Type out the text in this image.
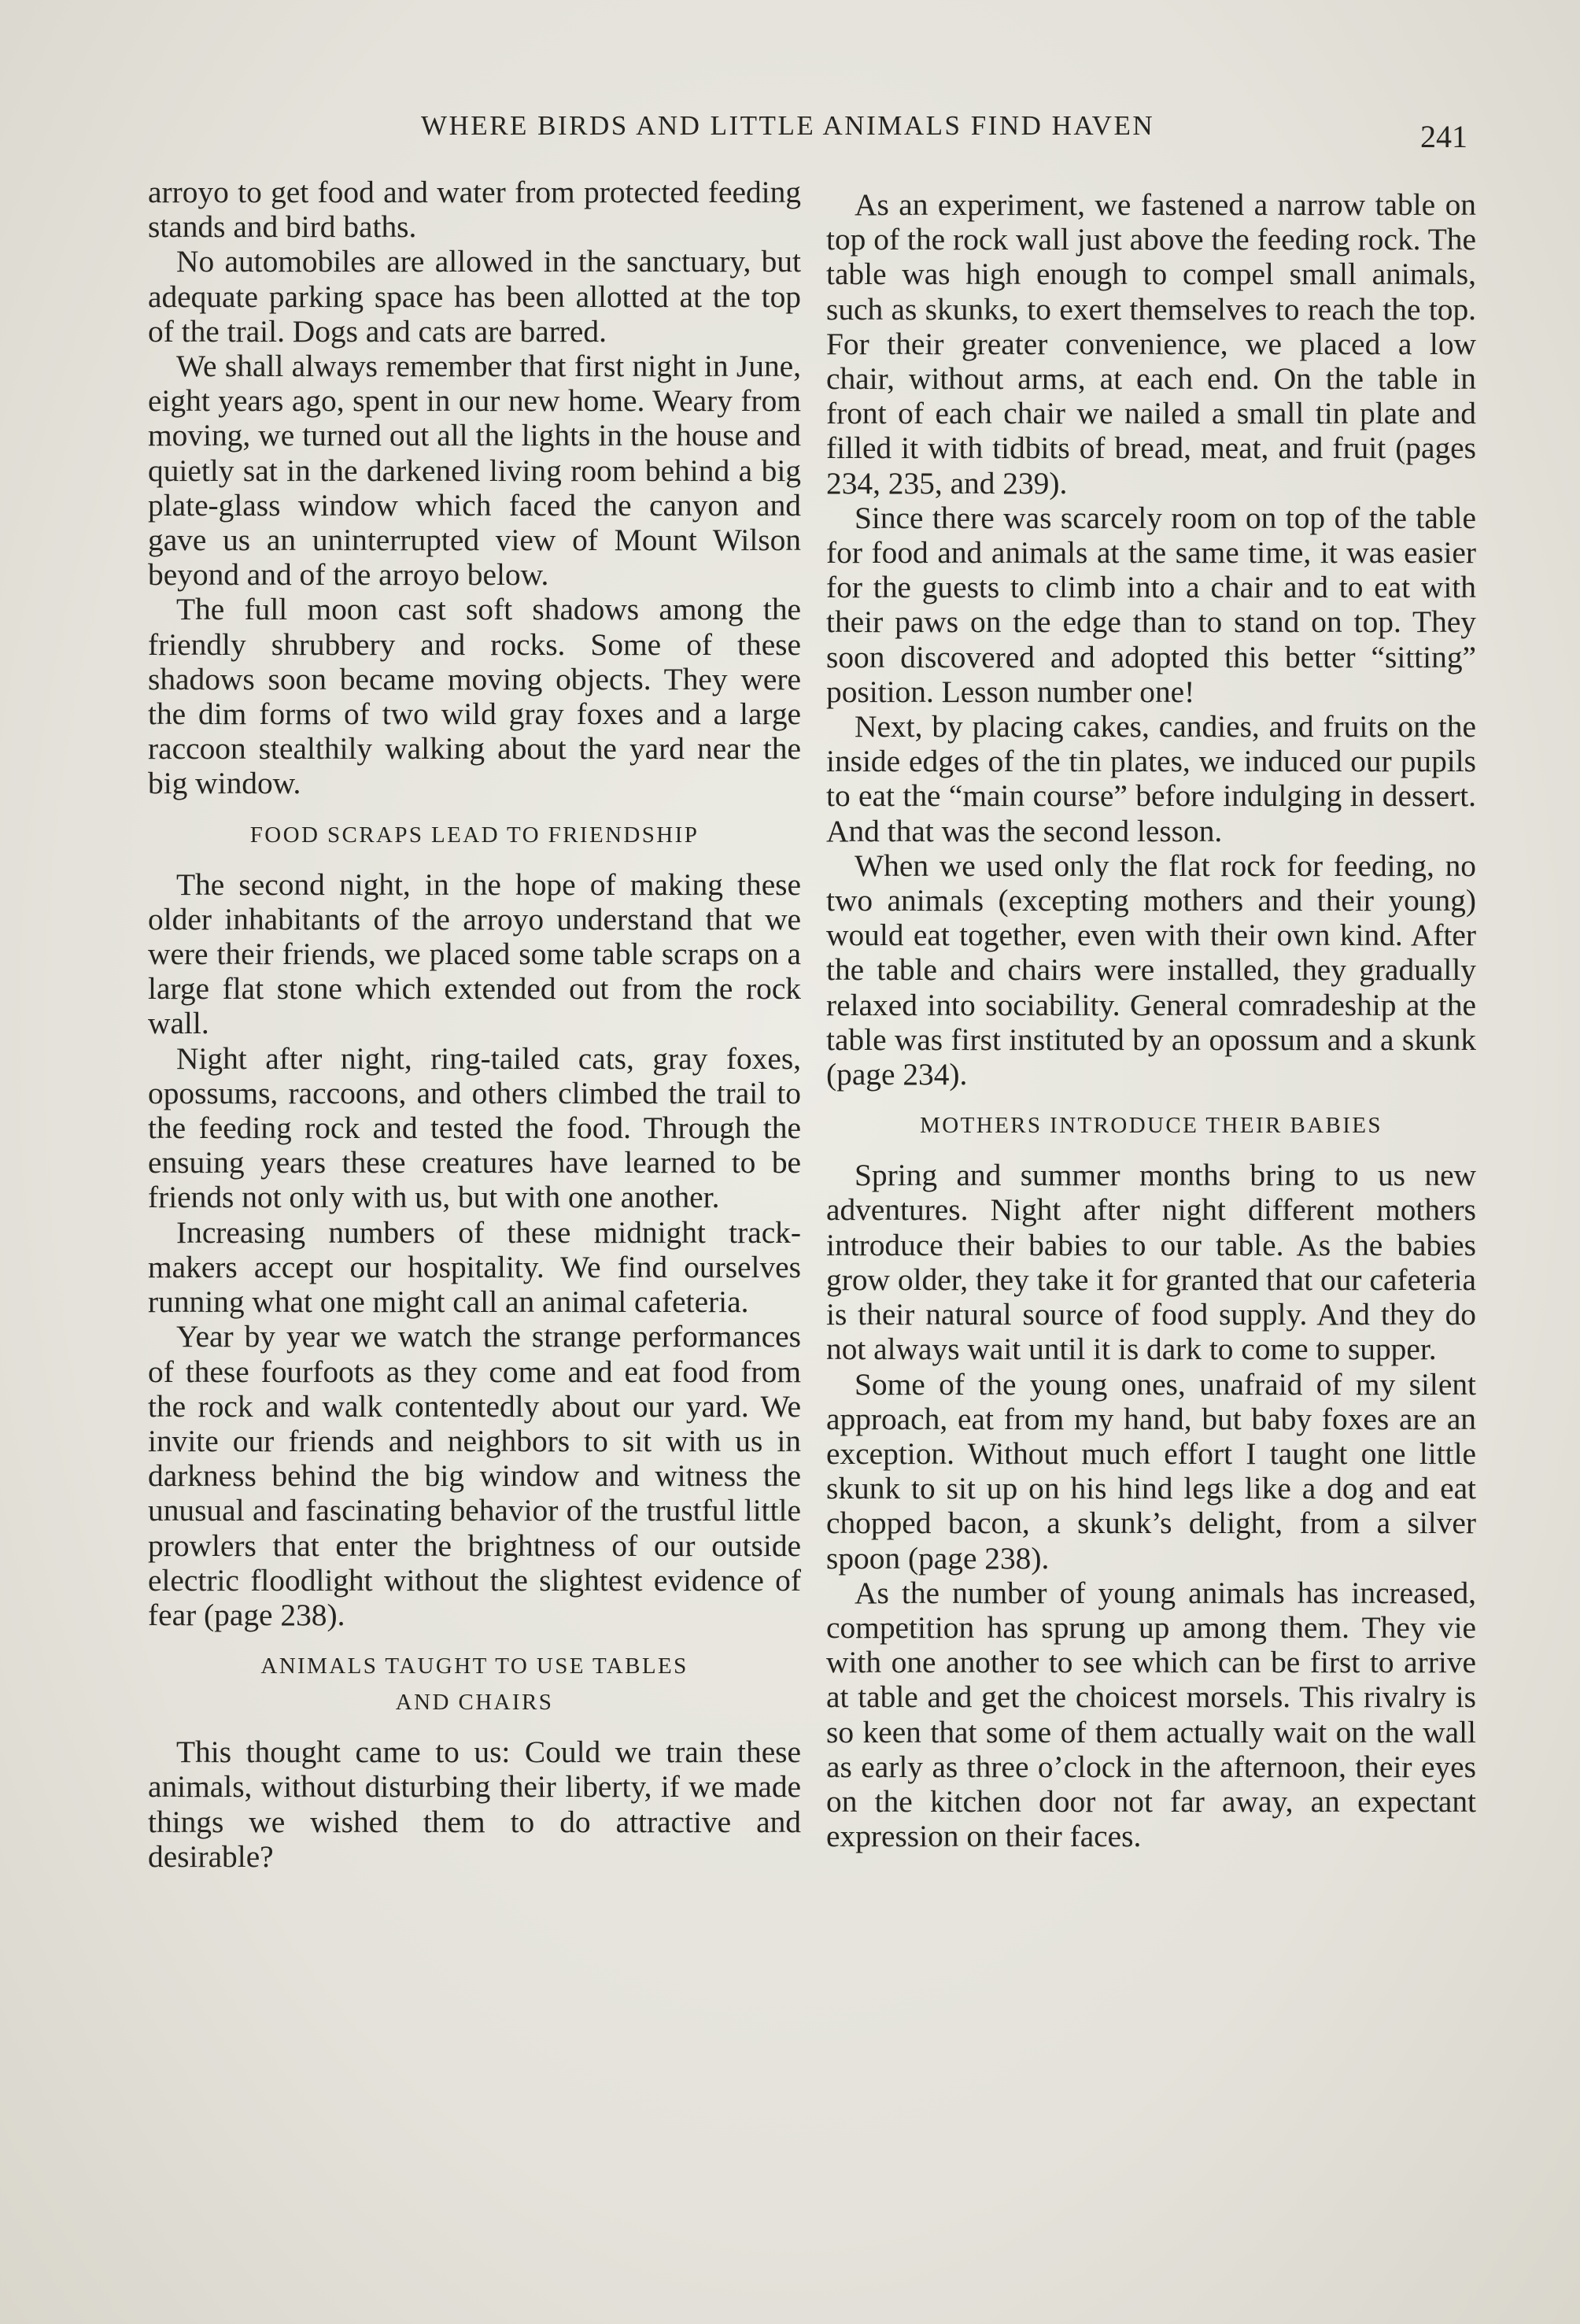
WHERE BIRDS AND LITTLE ANIMALS FIND HAVEN	241

arroyo to get food and water from protected feeding stands and bird baths.

No automobiles are allowed in the sanctuary, but adequate parking space has been allotted at the top of the trail. Dogs and cats are barred.

We shall always remember that first night in June, eight years ago, spent in our new home. Weary from moving, we turned out all the lights in the house and quietly sat in the darkened living room behind a big plate-glass window which faced the canyon and gave us an uninterrupted view of Mount Wilson beyond and of the arroyo below.

The full moon cast soft shadows among the friendly shrubbery and rocks. Some of these shadows soon became moving objects. They were the dim forms of two wild gray foxes and a large raccoon stealthily walking about the yard near the big window.

FOOD SCRAPS LEAD TO FRIENDSHIP

The second night, in the hope of making these older inhabitants of the arroyo understand that we were their friends, we placed some table scraps on a large flat stone which extended out from the rock wall.

Night after night, ring-tailed cats, gray foxes, opossums, raccoons, and others climbed the trail to the feeding rock and tested the food. Through the ensuing years these creatures have learned to be friends not only with us, but with one another.

Increasing numbers of these midnight track-makers accept our hospitality. We find ourselves running what one might call an animal cafeteria.

Year by year we watch the strange performances of these fourfoots as they come and eat food from the rock and walk contentedly about our yard. We invite our friends and neighbors to sit with us in darkness behind the big window and witness the unusual and fascinating behavior of the trustful little prowlers that enter the brightness of our outside electric floodlight without the slightest evidence of fear (page 238).

ANIMALS TAUGHT TO USE TABLES
AND CHAIRS

This thought came to us: Could we train these animals, without disturbing their liberty, if we made things we wished them to do attractive and desirable?

As an experiment, we fastened a narrow table on top of the rock wall just above the feeding rock. The table was high enough to compel small animals, such as skunks, to exert themselves to reach the top. For their greater convenience, we placed a low chair, without arms, at each end. On the table in front of each chair we nailed a small tin plate and filled it with tidbits of bread, meat, and fruit (pages 234, 235, and 239).

Since there was scarcely room on top of the table for food and animals at the same time, it was easier for the guests to climb into a chair and to eat with their paws on the edge than to stand on top. They soon discovered and adopted this better “sitting” position. Lesson number one!

Next, by placing cakes, candies, and fruits on the inside edges of the tin plates, we induced our pupils to eat the “main course” before indulging in dessert. And that was the second lesson.

When we used only the flat rock for feeding, no two animals (excepting mothers and their young) would eat together, even with their own kind. After the table and chairs were installed, they gradually relaxed into sociability. General comradeship at the table was first instituted by an opossum and a skunk (page 234).

MOTHERS INTRODUCE THEIR BABIES

Spring and summer months bring to us new adventures. Night after night different mothers introduce their babies to our table. As the babies grow older, they take it for granted that our cafeteria is their natural source of food supply. And they do not always wait until it is dark to come to supper.

Some of the young ones, unafraid of my silent approach, eat from my hand, but baby foxes are an exception. Without much effort I taught one little skunk to sit up on his hind legs like a dog and eat chopped bacon, a skunk’s delight, from a silver spoon (page 238).

As the number of young animals has increased, competition has sprung up among them. They vie with one another to see which can be first to arrive at table and get the choicest morsels. This rivalry is so keen that some of them actually wait on the wall as early as three o’clock in the afternoon, their eyes on the kitchen door not far away, an expectant expression on their faces.
